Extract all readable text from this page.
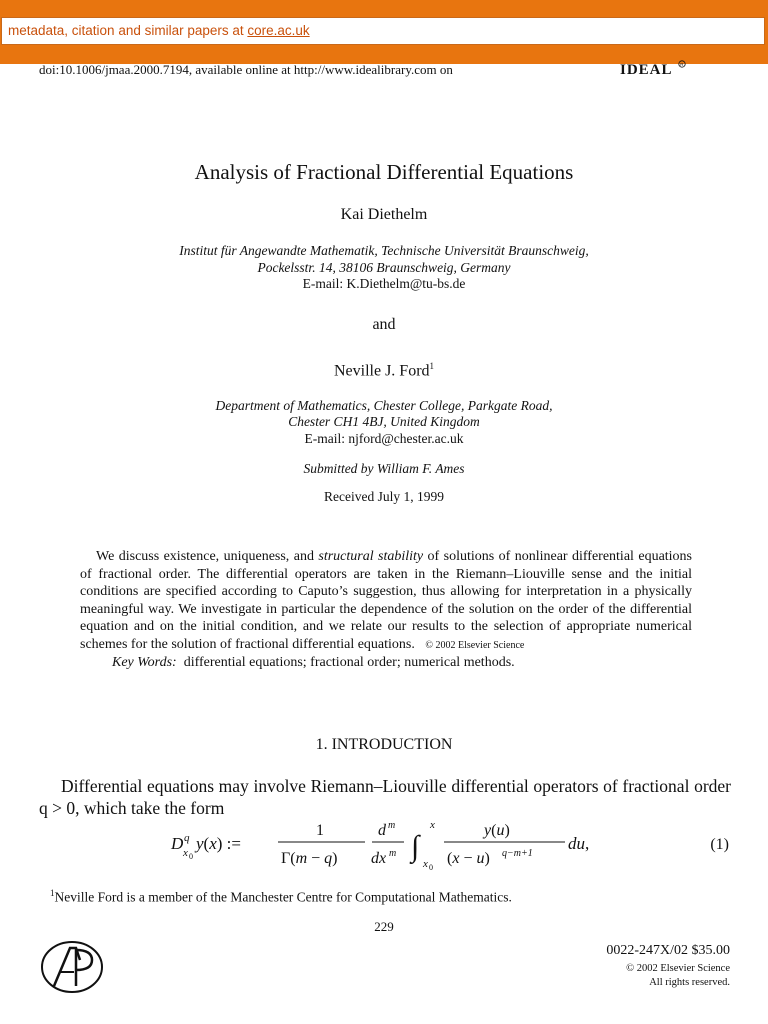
metadata, citation and similar papers at core.ac.uk
doi:10.1006/jmaa.2000.7194, available online at http://www.idealibrary.com on	IDEAL R
Analysis of Fractional Differential Equations
Kai Diethelm
Institut für Angewandte Mathematik, Technische Universität Braunschweig,
Pockelsstr. 14, 38106 Braunschweig, Germany
E-mail: K.Diethelm@tu-bs.de
and
Neville J. Ford$^1$
Department of Mathematics, Chester College, Parkgate Road,
Chester CH1 4BJ, United Kingdom
E-mail: njford@chester.ac.uk
Submitted by William F. Ames
Received July 1, 1999

We discuss existence, uniqueness, and structural stability of solutions of nonlinear differential equations of fractional order. The differential operators are taken in the Riemann–Liouville sense and the initial conditions are specified according to Caputo’s suggestion, thus allowing for interpretation in a physically meaningful way. We investigate in particular the dependence of the solution on the order of the differential equation and on the initial condition, and we relate our results to the selection of appropriate numerical schemes for the solution of fractional differential equations. © 2002 Elsevier Science

Key Words: differential equations; fractional order; numerical methods.

1. INTRODUCTION

Differential equations may involve Riemann–Liouville differential operators of fractional order q > 0, which take the form

D q
x 0
y(x) :=
1
Γ(m − q)
d m
dx m ∫
x
x 0
y(u)
(x − u) q−m+1
du,	(1)
$^1$Neville Ford is a member of the Manchester Centre for Computational Mathematics.
229
0022-247X/02 $35.00
© 2002 Elsevier Science
All rights reserved.
